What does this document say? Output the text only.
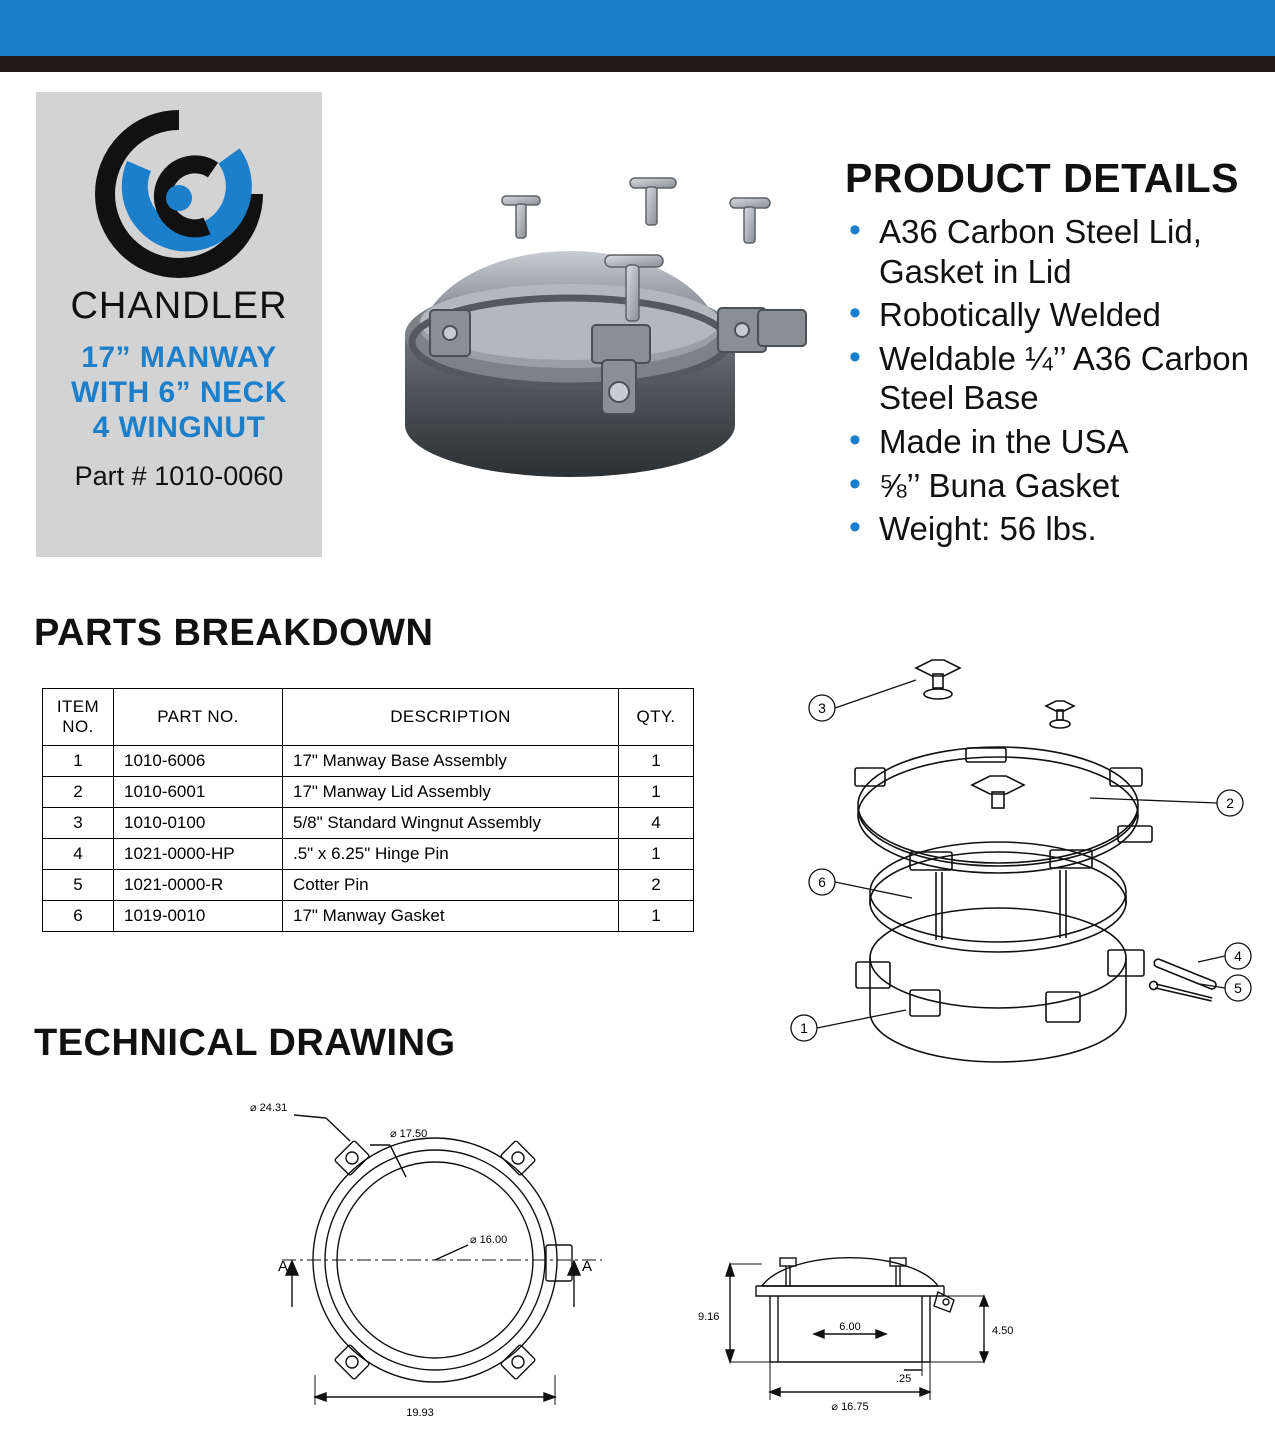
CHANDLER
17” MANWAY
WITH 6” NECK
4 WINGNUT
Part # 1010-0060
PRODUCT DETAILS
• A36 Carbon Steel Lid, Gasket in Lid
• Robotically Welded
• Weldable ¼’’ A36 Carbon Steel Base
• Made in the USA
• ⅝’’ Buna Gasket
• Weight: 56 lbs.
PARTS BREAKDOWN
TECHNICAL DRAWING
ITEM
NO.	PART NO.	DESCRIPTION	QTY.
1	1010-6006	17" Manway Base Assembly	1
2	1010-6001	17" Manway Lid Assembly	1
3	1010-0100	5/8" Standard Wingnut Assembly	4
4	1021-0000-HP	.5" x 6.25" Hinge Pin	1
5	1021-0000-R	Cotter Pin	2
6	1019-0010	17" Manway Gasket	1
3
2
6
1
4
5
⌀ 24.31
⌀ 17.50
⌀ 16.00
19.93
A	A
9.16
6.00	4.50
.25
⌀ 16.75
